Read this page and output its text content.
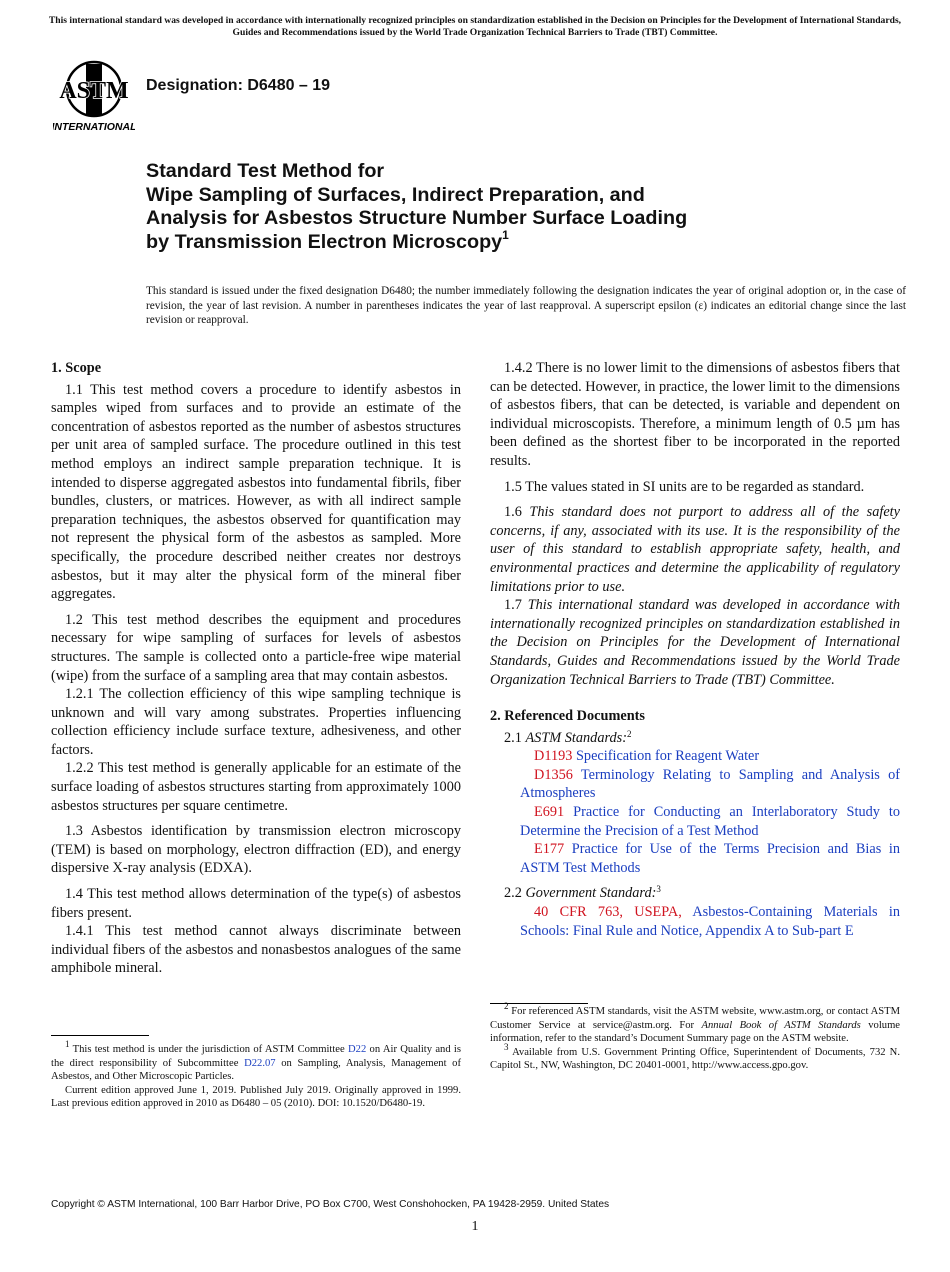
This international standard was developed in accordance with internationally recognized principles on standardization established in the Decision on Principles for the Development of International Standards, Guides and Recommendations issued by the World Trade Organization Technical Barriers to Trade (TBT) Committee.
ASTM
INTERNATIONAL
Designation: D6480 – 19
Standard Test Method for
Wipe Sampling of Surfaces, Indirect Preparation, and
Analysis for Asbestos Structure Number Surface Loading
by Transmission Electron Microscopy$^1$

This standard is issued under the fixed designation D6480; the number immediately following the designation indicates the year of original adoption or, in the case of revision, the year of last revision. A number in parentheses indicates the year of last reapproval. A superscript epsilon (ε) indicates an editorial change since the last revision or reapproval.

1. Scope

1.1 This test method covers a procedure to identify asbestos in samples wiped from surfaces and to provide an estimate of the concentration of asbestos reported as the number of asbestos structures per unit area of sampled surface. The procedure outlined in this test method employs an indirect sample preparation technique. It is intended to disperse aggregated asbestos into fundamental fibrils, fiber bundles, clusters, or matrices. However, as with all indirect sample preparation techniques, the asbestos observed for quantification may not represent the physical form of the asbestos as sampled. More specifically, the procedure described neither creates nor destroys asbestos, but it may alter the physical form of the mineral fiber aggregates.

1.2 This test method describes the equipment and procedures necessary for wipe sampling of surfaces for levels of asbestos structures. The sample is collected onto a particle-free wipe material (wipe) from the surface of a sampling area that may contain asbestos.

1.2.1 The collection efficiency of this wipe sampling technique is unknown and will vary among substrates. Properties influencing collection efficiency include surface texture, adhesiveness, and other factors.

1.2.2 This test method is generally applicable for an estimate of the surface loading of asbestos structures starting from approximately 1000 asbestos structures per square centimetre.

1.3 Asbestos identification by transmission electron microscopy (TEM) is based on morphology, electron diffraction (ED), and energy dispersive X-ray analysis (EDXA).

1.4 This test method allows determination of the type(s) of asbestos fibers present.

1.4.1 This test method cannot always discriminate between individual fibers of the asbestos and nonasbestos analogues of the same amphibole mineral.

1.4.2 There is no lower limit to the dimensions of asbestos fibers that can be detected. However, in practice, the lower limit to the dimensions of asbestos fibers, that can be detected, is variable and dependent on individual microscopists. Therefore, a minimum length of 0.5 µm has been defined as the shortest fiber to be incorporated in the reported results.

1.5 The values stated in SI units are to be regarded as standard.

1.6 This standard does not purport to address all of the safety concerns, if any, associated with its use. It is the responsibility of the user of this standard to establish appropriate safety, health, and environmental practices and determine the applicability of regulatory limitations prior to use.

1.7 This international standard was developed in accordance with internationally recognized principles on standardization established in the Decision on Principles for the Development of International Standards, Guides and Recommendations issued by the World Trade Organization Technical Barriers to Trade (TBT) Committee.

2. Referenced Documents

2.1 ASTM Standards:$^2$

D1193 Specification for Reagent Water

D1356 Terminology Relating to Sampling and Analysis of Atmospheres

E691 Practice for Conducting an Interlaboratory Study to Determine the Precision of a Test Method

E177 Practice for Use of the Terms Precision and Bias in ASTM Test Methods

2.2 Government Standard:$^3$

40 CFR 763, USEPA, Asbestos-Containing Materials in Schools: Final Rule and Notice, Appendix A to Sub-part E

$^1$ This test method is under the jurisdiction of ASTM Committee D22 on Air Quality and is the direct responsibility of Subcommittee D22.07 on Sampling, Analysis, Management of Asbestos, and Other Microscopic Particles.

Current edition approved June 1, 2019. Published July 2019. Originally approved in 1999. Last previous edition approved in 2010 as D6480 – 05 (2010). DOI: 10.1520/D6480-19.

$^2$ For referenced ASTM standards, visit the ASTM website, www.astm.org, or contact ASTM Customer Service at service@astm.org. For Annual Book of ASTM Standards volume information, refer to the standard’s Document Summary page on the ASTM website.

$^3$ Available from U.S. Government Printing Office, Superintendent of Documents, 732 N. Capitol St., NW, Washington, DC 20401-0001, http://www.access.gpo.gov.

Copyright © ASTM International, 100 Barr Harbor Drive, PO Box C700, West Conshohocken, PA 19428-2959. United States
1
